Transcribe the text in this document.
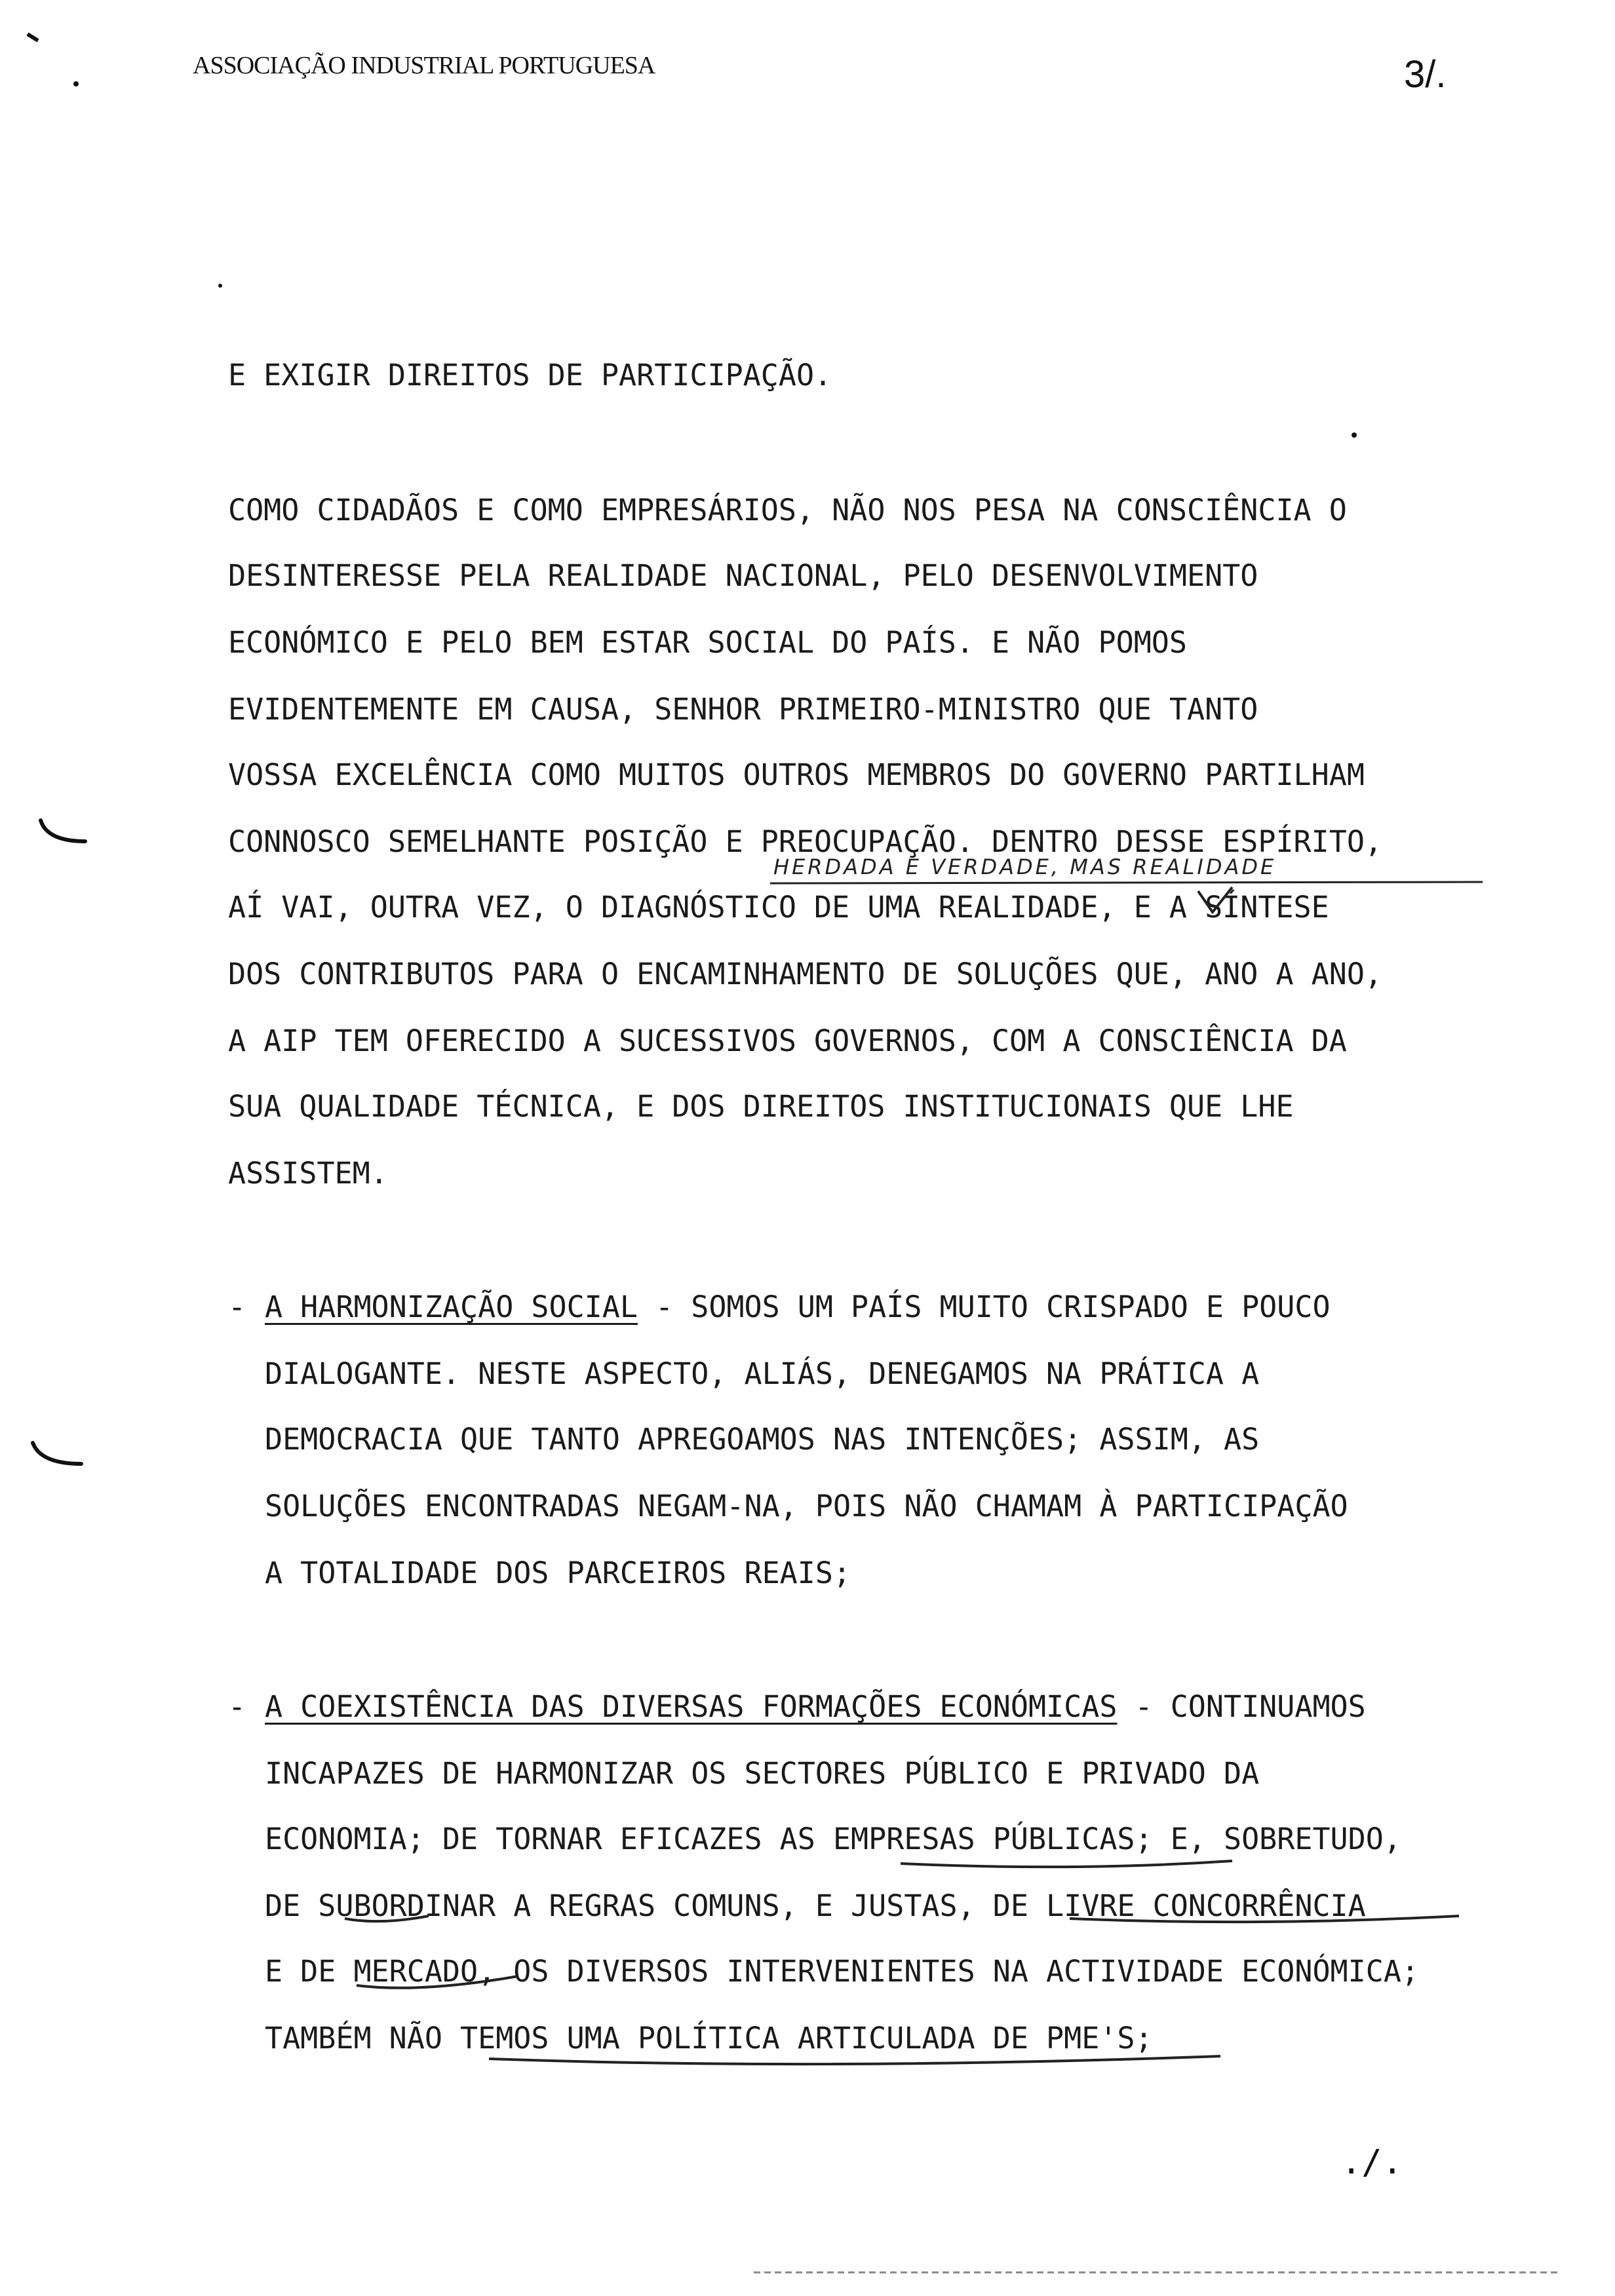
ASSOCIAÇÃO INDUSTRIAL PORTUGUESA	3/.
E EXIGIR DIREITOS DE PARTICIPAÇÃO.
COMO CIDADÃOS E COMO EMPRESÁRIOS, NÃO NOS PESA NA CONSCIÊNCIA O
DESINTERESSE PELA REALIDADE NACIONAL, PELO DESENVOLVIMENTO
ECONÓMICO E PELO BEM ESTAR SOCIAL DO PAÍS. E NÃO POMOS
EVIDENTEMENTE EM CAUSA, SENHOR PRIMEIRO-MINISTRO QUE TANTO
VOSSA EXCELÊNCIA COMO MUITOS OUTROS MEMBROS DO GOVERNO PARTILHAM
CONNOSCO SEMELHANTE POSIÇÃO E PREOCUPAÇÃO. DENTRO DESSE ESPÍRITO,
HERDADA E VERDADE, MAS REALIDADE
AÍ VAI, OUTRA VEZ, O DIAGNÓSTICO DE UMA REALIDADE, E A SÍNTESE
DOS CONTRIBUTOS PARA O ENCAMINHAMENTO DE SOLUÇÕES QUE, ANO A ANO,
A AIP TEM OFERECIDO A SUCESSIVOS GOVERNOS, COM A CONSCIÊNCIA DA
SUA QUALIDADE TÉCNICA, E DOS DIREITOS INSTITUCIONAIS QUE LHE
ASSISTEM.
- A HARMONIZAÇÃO SOCIAL - SOMOS UM PAÍS MUITO CRISPADO E POUCO
DIALOGANTE. NESTE ASPECTO, ALIÁS, DENEGAMOS NA PRÁTICA A
DEMOCRACIA QUE TANTO APREGOAMOS NAS INTENÇÕES; ASSIM, AS
SOLUÇÕES ENCONTRADAS NEGAM-NA, POIS NÃO CHAMAM À PARTICIPAÇÃO
A TOTALIDADE DOS PARCEIROS REAIS;
- A COEXISTÊNCIA DAS DIVERSAS FORMAÇÕES ECONÓMICAS - CONTINUAMOS
INCAPAZES DE HARMONIZAR OS SECTORES PÚBLICO E PRIVADO DA
ECONOMIA; DE TORNAR EFICAZES AS EMPRESAS PÚBLICAS; E, SOBRETUDO,
DE SUBORDINAR A REGRAS COMUNS, E JUSTAS, DE LIVRE CONCORRÊNCIA
E DE MERCADO, OS DIVERSOS INTERVENIENTES NA ACTIVIDADE ECONÓMICA;
TAMBÉM NÃO TEMOS UMA POLÍTICA ARTICULADA DE PME'S;
./.
